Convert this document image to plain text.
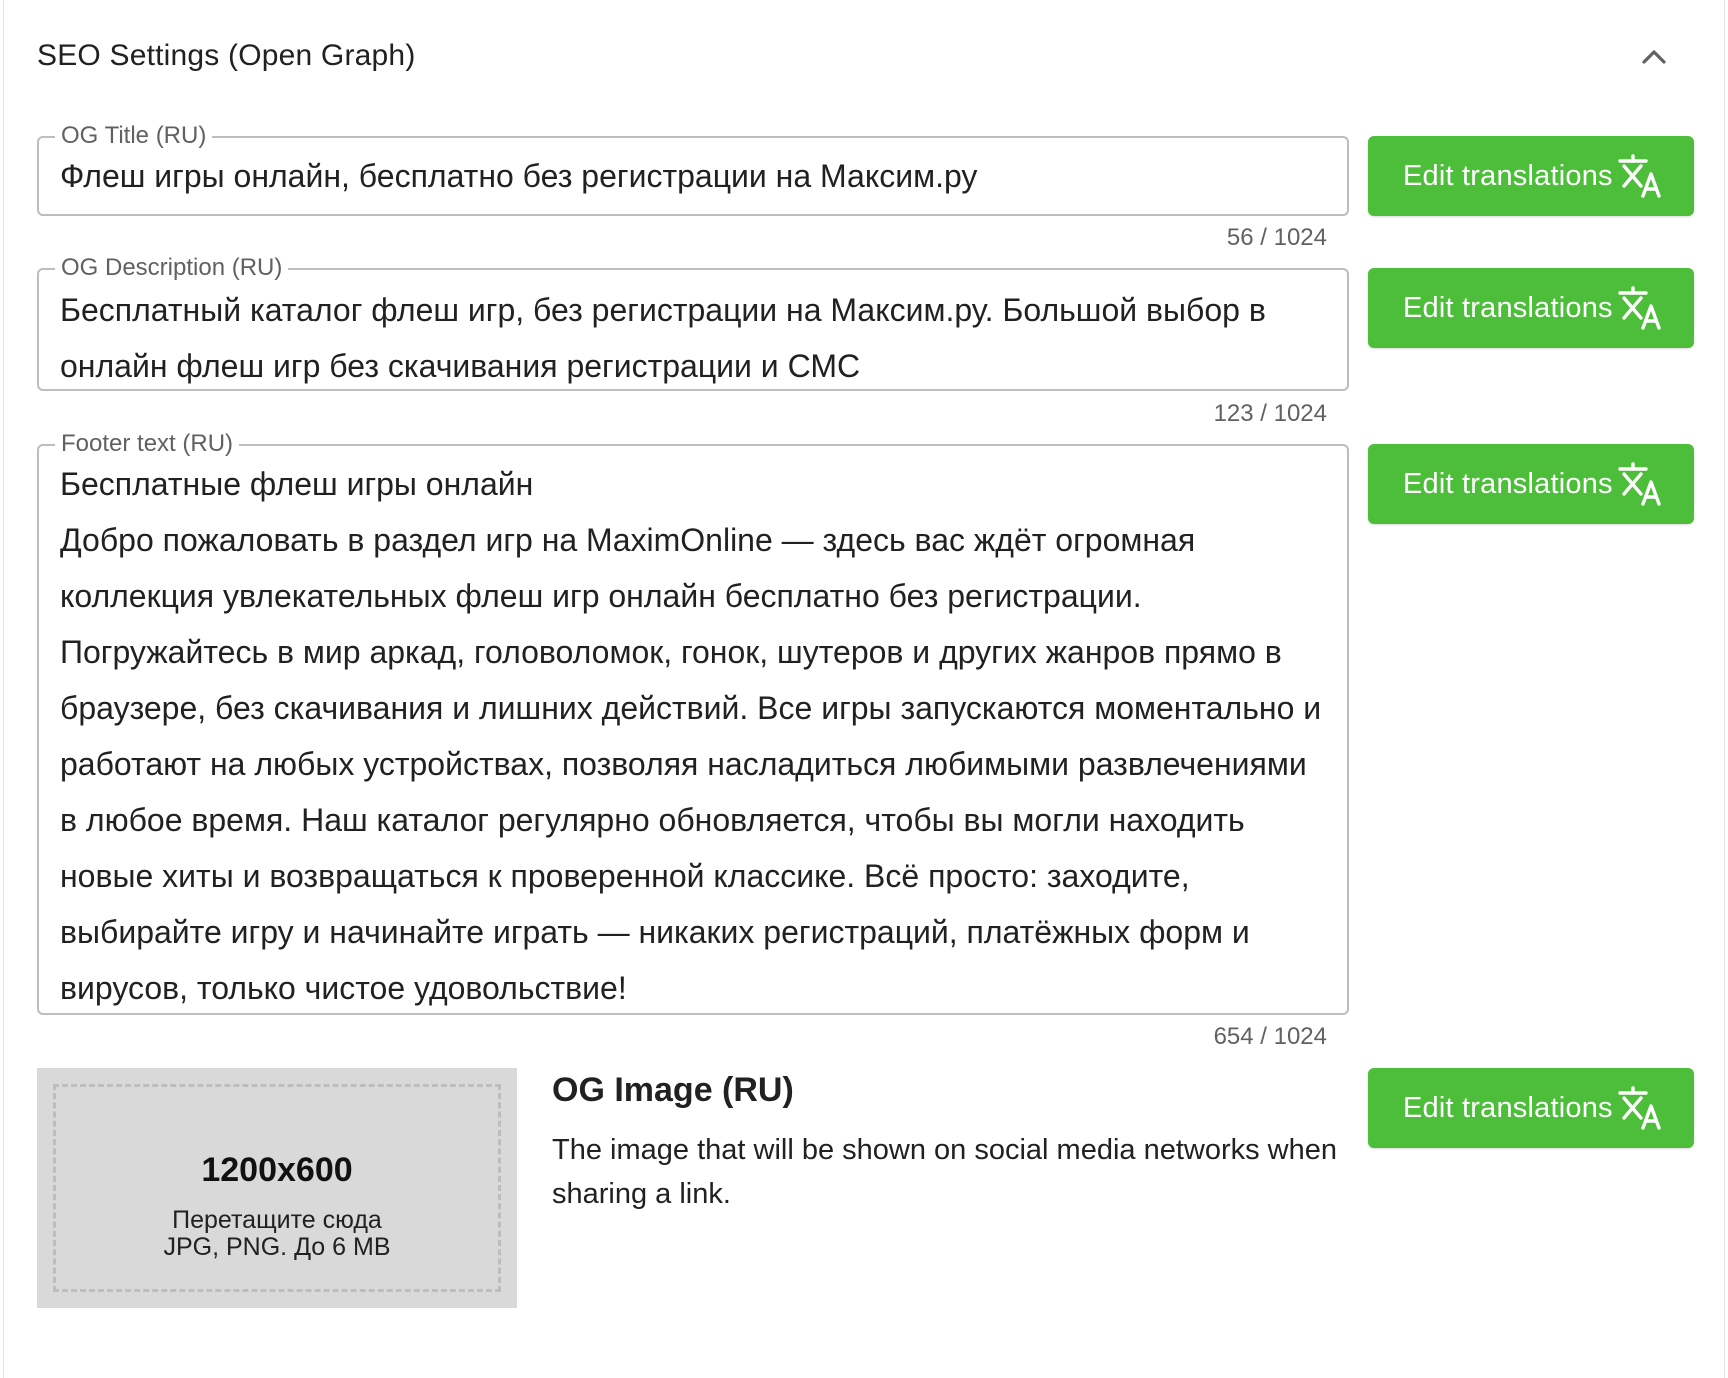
SEO Settings (Open Graph)
OG Title (RU)
Флеш игры онлайн, бесплатно без регистрации на Максим.ру
56 / 1024
Edit translations
OG Description (RU)
Бесплатный каталог флеш игр, без регистрации на Максим.ру. Большой выбор в онлайн флеш игр без скачивания регистрации и СМС
123 / 1024
Edit translations
Footer text (RU)
Бесплатные флеш игры онлайн
Добро пожаловать в раздел игр на MaximOnline — здесь вас ждёт огромная коллекция увлекательных флеш игр онлайн бесплатно без регистрации. Погружайтесь в мир аркад, головоломок, гонок, шутеров и других жанров прямо в браузере, без скачивания и лишних действий. Все игры запускаются моментально и работают на любых устройствах, позволяя насладиться любимыми развлечениями в любое время. Наш каталог регулярно обновляется, чтобы вы могли находить новые хиты и возвращаться к проверенной классике. Всё просто: заходите, выбирайте игру и начинайте играть — никаких регистраций, платёжных форм и вирусов, только чистое удовольствие!
654 / 1024
Edit translations
1200x600
Перетащите сюда
JPG, PNG. До 6 MB
OG Image (RU)
The image that will be shown on social media networks when sharing a link.
Edit translations
